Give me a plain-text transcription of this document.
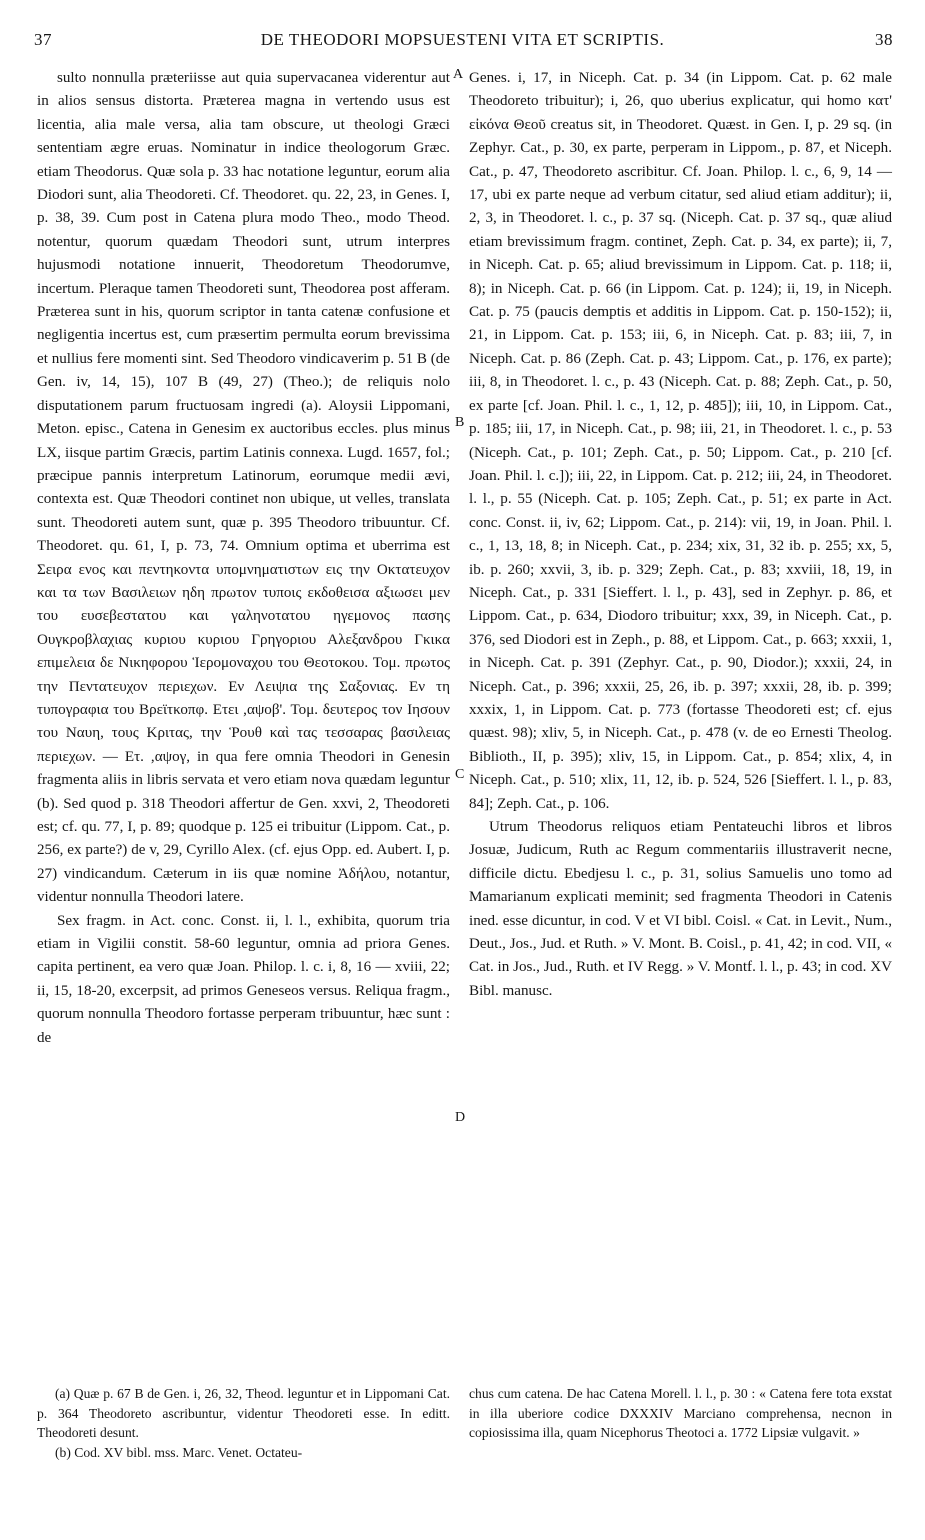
37	DE THEODORI MOPSUESTENI VITA ET SCRIPTIS.	38

sulto nonnulla præteriisse aut quia supervacanea viderentur aut in alios sensus distorta. Præterea magna in vertendo usus est licentia, alia male versa, alia tam obscure, ut theologi Græci sententiam ægre eruas. Nominatur in indice theologorum Græc. etiam Theodorus. Quæ sola p. 33 hac notatione leguntur, eorum alia Diodori sunt, alia Theodoreti. Cf. Theodoret. qu. 22, 23, in Genes. I, p. 38, 39. Cum post in Catena plura modo Theo., modo Theod. notentur, quorum quædam Theodori sunt, utrum interpres hujusmodi notatione innuerit, Theodoretum Theodorumve, incertum. Pleraque tamen Theodoreti sunt, Theodorea post afferam. Præterea sunt in his, quorum scriptor in tanta catenæ confusione et negligentia incertus est, cum præsertim permulta eorum brevissima et nullius fere momenti sint. Sed Theodoro vindicaverim p. 51 B (de Gen. iv, 14, 15), 107 B (49, 27) (Theo.); de reliquis nolo disputationem parum fructuosam ingredi (a). Aloysii Lippomani, Meton. episc., Catena in Genesim ex auctoribus eccles. plus minus LX, iisque partim Græcis, partim Latinis connexa. Lugd. 1657, fol.; præcipue pannis interpretum Latinorum, eorumque medii ævi, contexta est. Quæ Theodori continet non ubique, ut velles, translata sunt. Theodoreti autem sunt, quæ p. 395 Theodoro tribuuntur. Cf. Theodoret. qu. 61, I, p. 73, 74. Omnium optima et uberrima est Σειρα ενος και πεντηκοντα υπομνηματιστων εις την Οκτατευχον και τα των Βασιλειων ηδη πρωτον τυποις εκδοθεισα αξιωσει μεν του ευσεβεστατου και γαληνοτατου ηγεμονος πασης Ουγκροβλαχιας κυριου κυριου Γρηγοριου Αλεξανδρου Γκικα επιμελεια δε Νικηφορου Ἱερομοναχου του Θεοτοκου. Τομ. πρωτος την Πεντατευχον περιεχων. Εν Λειψια της Σαξονιας. Εν τη τυπογραφια του Βρεϊτκοπφ. Ετει ,αψοβ'. Τομ. δευτερος τον Ιησουν του Ναυη, τους Κριτας, την Ῥουθ καὶ τας τεσσαρας βασιλειας περιεχων. — Ετ. ,αψογ, in qua fere omnia Theodori in Genesin fragmenta aliis in libris servata et vero etiam nova quædam leguntur (b). Sed quod p. 318 Theodori affertur de Gen. xxvi, 2, Theodoreti est; cf. qu. 77, I, p. 89; quodque p. 125 ei tribuitur (Lippom. Cat., p. 256, ex parte?) de v, 29, Cyrillo Alex. (cf. ejus Opp. ed. Aubert. I, p. 27) vindicandum. Cæterum in iis quæ nomine Ἀδήλου, notantur, videntur nonnulla Theodori latere.

Sex fragm. in Act. conc. Const. ii, l. l., exhibita, quorum tria etiam in Vigilii constit. 58-60 leguntur, omnia ad priora Genes. capita pertinent, ea vero quæ Joan. Philop. l. c. i, 8, 16 — xviii, 22; ii, 15, 18-20, excerpsit, ad primos Geneseos versus. Reliqua fragm., quorum nonnulla Theodoro fortasse perperam tribuuntur, hæc sunt : de

A
B
C
D

Genes. i, 17, in Niceph. Cat. p. 34 (in Lippom. Cat. p. 62 male Theodoreto tribuitur); i, 26, quo uberius explicatur, qui homo κατ' εἰκόνα Θεοῦ creatus sit, in Theodoret. Quæst. in Gen. I, p. 29 sq. (in Zephyr. Cat., p. 30, ex parte, perperam in Lippom., p. 87, et Niceph. Cat., p. 47, Theodoreto ascribitur. Cf. Joan. Philop. l. c., 6, 9, 14 — 17, ubi ex parte neque ad verbum citatur, sed aliud etiam additur); ii, 2, 3, in Theodoret. l. c., p. 37 sq. (Niceph. Cat. p. 37 sq., quæ aliud etiam brevissimum fragm. continet, Zeph. Cat. p. 34, ex parte); ii, 7, in Niceph. Cat. p. 65; aliud brevissimum in Lippom. Cat. p. 118; ii, 8); in Niceph. Cat. p. 66 (in Lippom. Cat. p. 124); ii, 19, in Niceph. Cat. p. 75 (paucis demptis et additis in Lippom. Cat. p. 150-152); ii, 21, in Lippom. Cat. p. 153; iii, 6, in Niceph. Cat. p. 83; iii, 7, in Niceph. Cat. p. 86 (Zeph. Cat. p. 43; Lippom. Cat., p. 176, ex parte); iii, 8, in Theodoret. l. c., p. 43 (Niceph. Cat. p. 88; Zeph. Cat., p. 50, ex parte [cf. Joan. Phil. l. c., 1, 12, p. 485]); iii, 10, in Lippom. Cat., p. 185; iii, 17, in Niceph. Cat., p. 98; iii, 21, in Theodoret. l. c., p. 53 (Niceph. Cat., p. 101; Zeph. Cat., p. 50; Lippom. Cat., p. 210 [cf. Joan. Phil. l. c.]); iii, 22, in Lippom. Cat. p. 212; iii, 24, in Theodoret. l. l., p. 55 (Niceph. Cat. p. 105; Zeph. Cat., p. 51; ex parte in Act. conc. Const. ii, iv, 62; Lippom. Cat., p. 214): vii, 19, in Joan. Phil. l. c., 1, 13, 18, 8; in Niceph. Cat., p. 234; xix, 31, 32 ib. p. 255; xx, 5, ib. p. 260; xxvii, 3, ib. p. 329; Zeph. Cat., p. 83; xxviii, 18, 19, in Niceph. Cat., p. 331 [Sieffert. l. l., p. 43], sed in Zephyr. p. 86, et Lippom. Cat., p. 634, Diodoro tribuitur; xxx, 39, in Niceph. Cat., p. 376, sed Diodori est in Zeph., p. 88, et Lippom. Cat., p. 663; xxxii, 1, in Niceph. Cat. p. 391 (Zephyr. Cat., p. 90, Diodor.); xxxii, 24, in Niceph. Cat., p. 396; xxxii, 25, 26, ib. p. 397; xxxii, 28, ib. p. 399; xxxix, 1, in Lippom. Cat. p. 773 (fortasse Theodoreti est; cf. ejus quæst. 98); xliv, 5, in Niceph. Cat., p. 478 (v. de eo Ernesti Theolog. Biblioth., II, p. 395); xliv, 15, in Lippom. Cat., p. 854; xlix, 4, in Niceph. Cat., p. 510; xlix, 11, 12, ib. p. 524, 526 [Sieffert. l. l., p. 83, 84]; Zeph. Cat., p. 106.

Utrum Theodorus reliquos etiam Pentateuchi libros et libros Josuæ, Judicum, Ruth ac Regum commentariis illustraverit necne, difficile dictu. Ebedjesu l. c., p. 31, solius Samuelis uno tomo ad Mamarianum explicati meminit; sed fragmenta Theodori in Catenis ined. esse dicuntur, in cod. V et VI bibl. Coisl. « Cat. in Levit., Num., Deut., Jos., Jud. et Ruth. » V. Mont. B. Coisl., p. 41, 42; in cod. VII, « Cat. in Jos., Jud., Ruth. et IV Regg. » V. Montf. l. l., p. 43; in cod. XV Bibl. manusc.

(a) Quæ p. 67 B de Gen. i, 26, 32, Theod. leguntur et in Lippomani Cat. p. 364 Theodoreto ascribuntur, videntur Theodoreti esse. In editt. Theodoreti desunt.

(b) Cod. XV bibl. mss. Marc. Venet. Octateu-

chus cum catena. De hac Catena Morell. l. l., p. 30 : « Catena fere tota exstat in illa uberiore codice DXXXIV Marciano comprehensa, necnon in copiosissima illa, quam Nicephorus Theotoci a. 1772 Lipsiæ vulgavit. »
